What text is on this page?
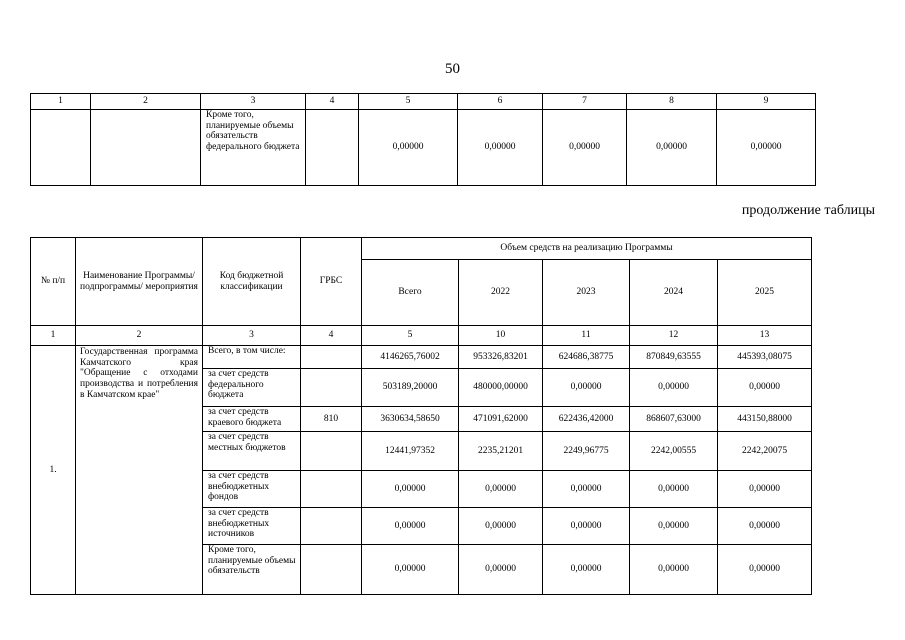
50
1	2	3	4	5	6	7	8	9
		Кроме того, планируемые объемы обязательств федерального бюджета		0,00000	0,00000	0,00000	0,00000	0,00000
продолжение таблицы
№ п/п	Наименование Программы/ подпрограммы/ мероприятия	Код бюджетной классификации	ГРБС	Объем средств на реализацию Программы				
				Всего	2022	2023	2024	2025
1	2	3	4	5	10	11	12	13
1.	Государственная программа Камчатского края "Обращение с отходами производства и потребления в Камчатском крае"	Всего, в том числе:		4146265,76002	953326,83201	624686,38775	870849,63555	445393,08075
		за счет средств федерального бюджета		503189,20000	480000,00000	0,00000	0,00000	0,00000
		за счет средств краевого бюджета	810	3630634,58650	471091,62000	622436,42000	868607,63000	443150,88000
		за счет средств местных бюджетов		12441,97352	2235,21201	2249,96775	2242,00555	2242,20075
		за счет средств внебюджетных фондов		0,00000	0,00000	0,00000	0,00000	0,00000
		за счет средств внебюджетных источников		0,00000	0,00000	0,00000	0,00000	0,00000
		Кроме того, планируемые объемы обязательств		0,00000	0,00000	0,00000	0,00000	0,00000
